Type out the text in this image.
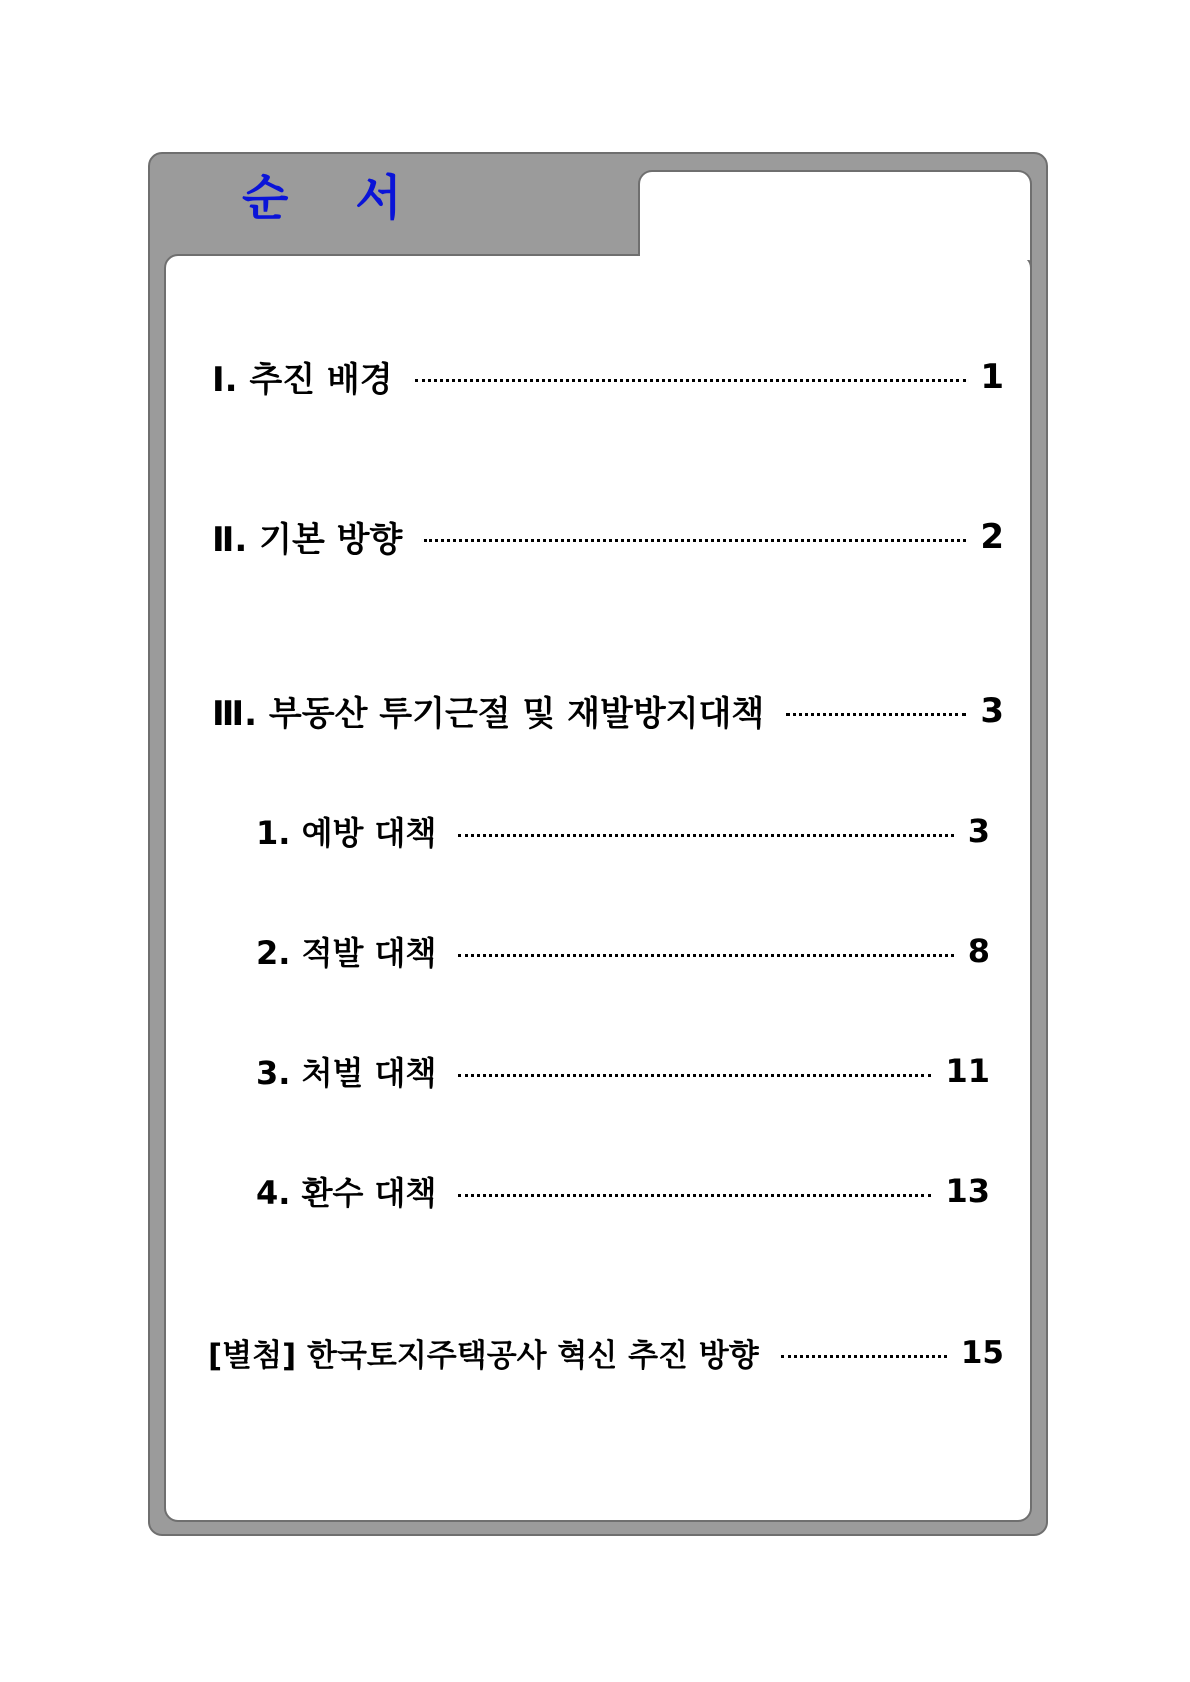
순    서
Ⅰ. 추진 배경	1
Ⅱ. 기본 방향	2
Ⅲ. 부동산 투기근절 및 재발방지대책	3
1. 예방 대책	3
2. 적발 대책	8
3. 처벌 대책	11
4. 환수 대책	13
[별첨] 한국토지주택공사 혁신 추진 방향	15
